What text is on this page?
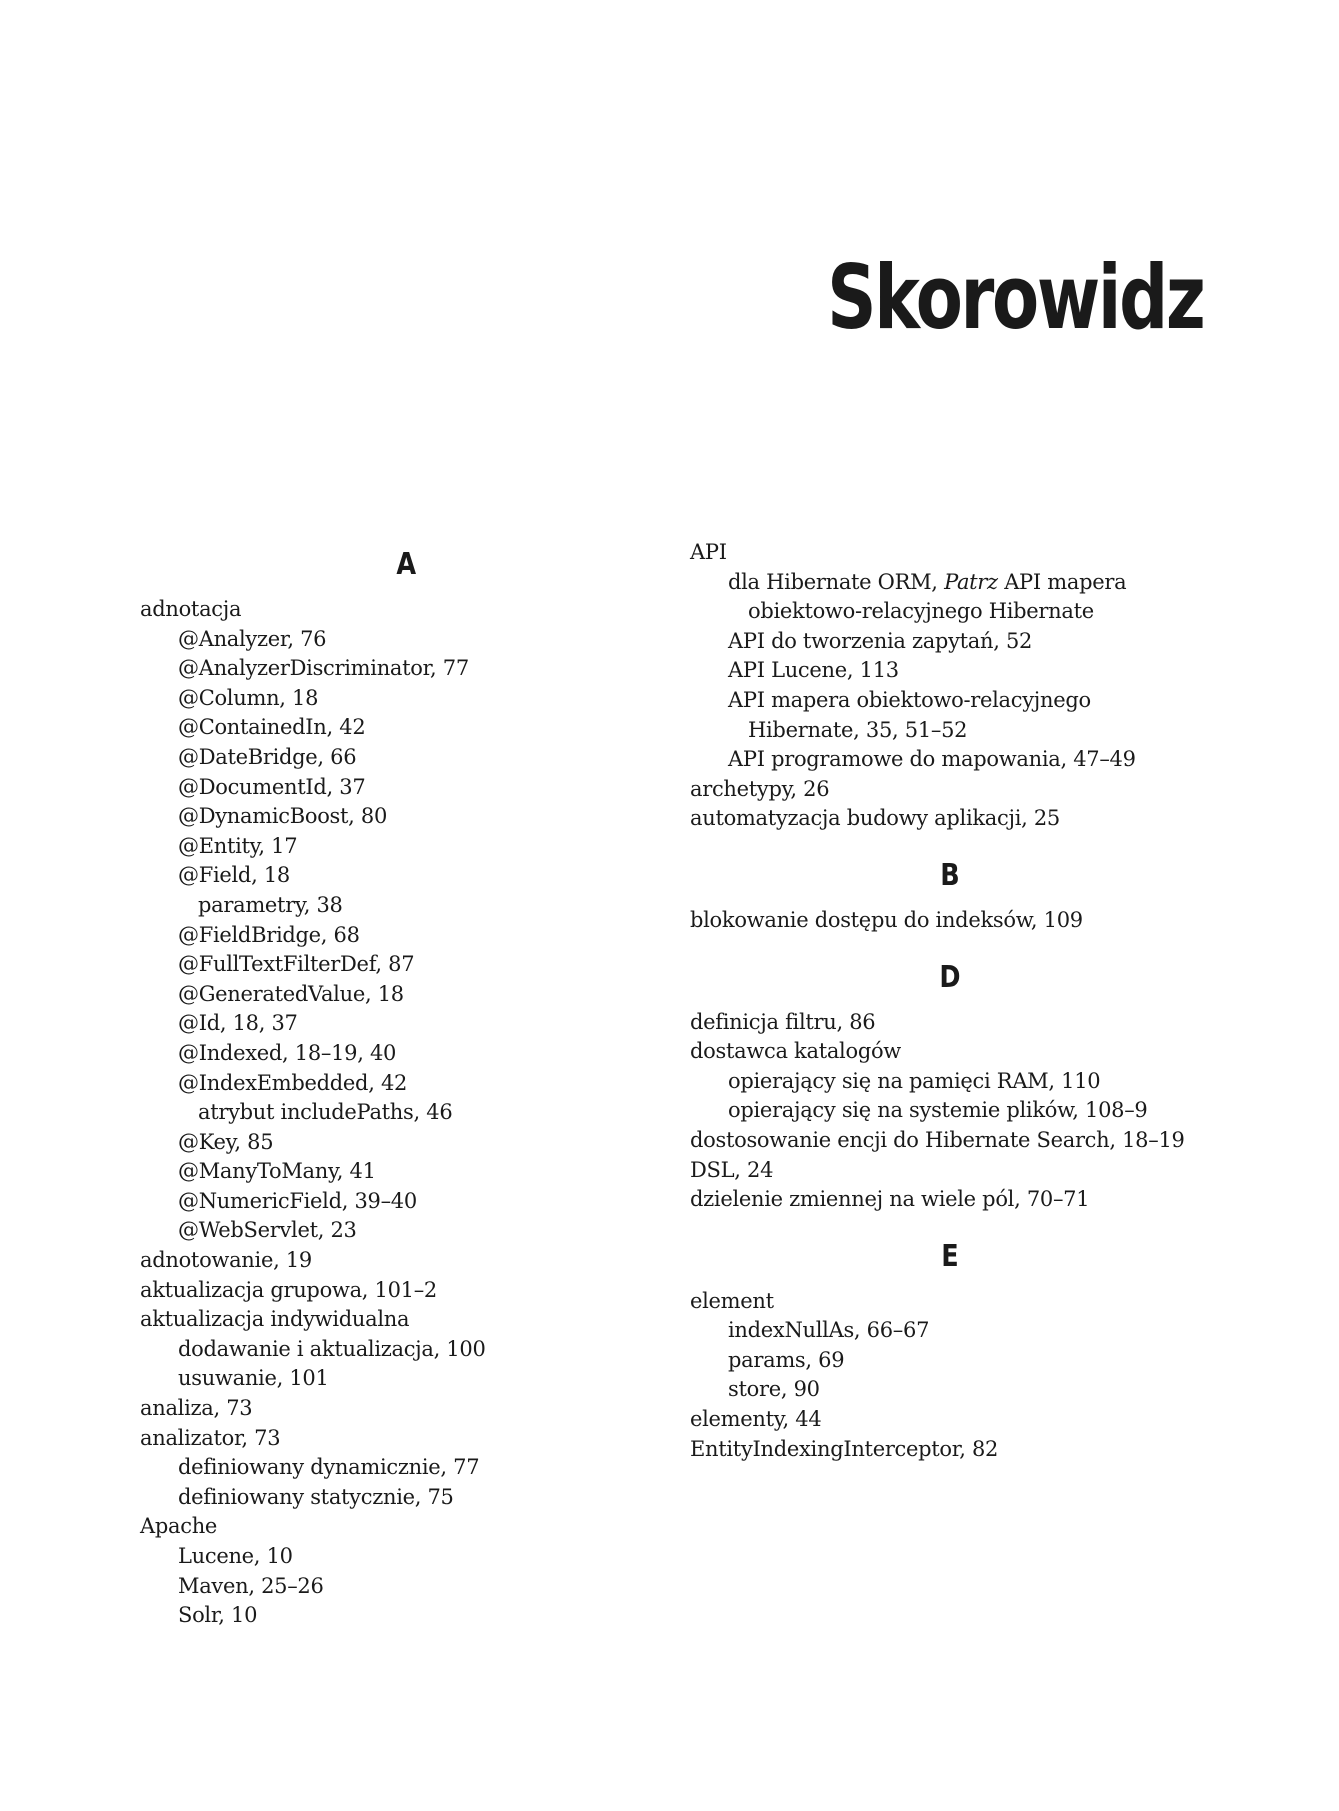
Skorowidz
A
adnotacja
@Analyzer, 76
@AnalyzerDiscriminator, 77
@Column, 18
@ContainedIn, 42
@DateBridge, 66
@DocumentId, 37
@DynamicBoost, 80
@Entity, 17
@Field, 18
parametry, 38
@FieldBridge, 68
@FullTextFilterDef, 87
@GeneratedValue, 18
@Id, 18, 37
@Indexed, 18–19, 40
@IndexEmbedded, 42
atrybut includePaths, 46
@Key, 85
@ManyToMany, 41
@NumericField, 39–40
@WebServlet, 23
adnotowanie, 19
aktualizacja grupowa, 101–2
aktualizacja indywidualna
dodawanie i aktualizacja, 100
usuwanie, 101
analiza, 73
analizator, 73
definiowany dynamicznie, 77
definiowany statycznie, 75
Apache
Lucene, 10
Maven, 25–26
Solr, 10
API
dla Hibernate ORM, Patrz API mapera
obiektowo-relacyjnego Hibernate
API do tworzenia zapytań, 52
API Lucene, 113
API mapera obiektowo-relacyjnego
Hibernate, 35, 51–52
API programowe do mapowania, 47–49
archetypy, 26
automatyzacja budowy aplikacji, 25
B
blokowanie dostępu do indeksów, 109
D
definicja filtru, 86
dostawca katalogów
opierający się na pamięci RAM, 110
opierający się na systemie plików, 108–9
dostosowanie encji do Hibernate Search, 18–19
DSL, 24
dzielenie zmiennej na wiele pól, 70–71
E
element
indexNullAs, 66–67
params, 69
store, 90
elementy, 44
EntityIndexingInterceptor, 82
